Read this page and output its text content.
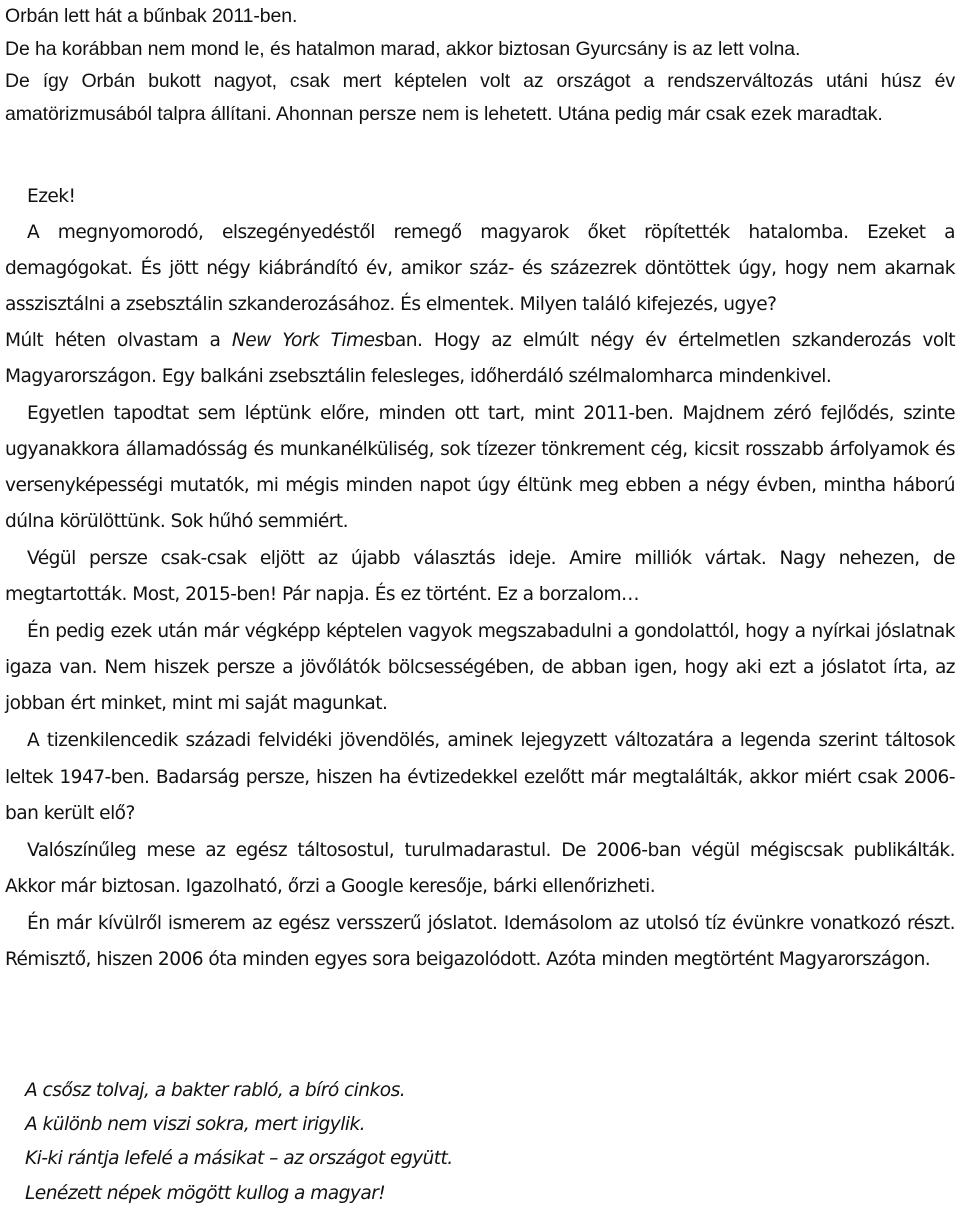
Orbán lett hát a bűnbak 2011-ben.

De ha korábban nem mond le, és hatalmon marad, akkor biztosan Gyurcsány is az lett volna.

De így Orbán bukott nagyot, csak mert képtelen volt az országot a rendszerváltozás utáni húsz év amatörizmusából talpra állítani. Ahonnan persze nem is lehetett. Utána pedig már csak ezek maradtak.

Ezek!

A megnyomorodó, elszegényedéstől remegő magyarok őket röpítették hatalomba. Ezeket a demagógokat. És jött négy kiábrándító év, amikor száz- és százezrek döntöttek úgy, hogy nem akarnak asszisztálni a zsebsztálin szkanderozásához. És elmentek. Milyen találó kifejezés, ugye?

Múlt héten olvastam a New York Timesban. Hogy az elmúlt négy év értelmetlen szkanderozás volt Magyarországon. Egy balkáni zsebsztálin felesleges, időherdáló szélmalomharca mindenkivel.

Egyetlen tapodtat sem léptünk előre, minden ott tart, mint 2011-ben. Majdnem zéró fejlődés, szinte ugyanakkora államadósság és munkanélküliség, sok tízezer tönkrement cég, kicsit rosszabb árfolyamok és versenyképességi mutatók, mi mégis minden napot úgy éltünk meg ebben a négy évben, mintha háború dúlna körülöttünk. Sok hűhó semmiért.

Végül persze csak-csak eljött az újabb választás ideje. Amire milliók vártak. Nagy nehezen, de megtartották. Most, 2015-ben! Pár napja. És ez történt. Ez a borzalom…

Én pedig ezek után már végképp képtelen vagyok megszabadulni a gondolattól, hogy a nyírkai jóslatnak igaza van. Nem hiszek persze a jövőlátók bölcsességében, de abban igen, hogy aki ezt a jóslatot írta, az jobban ért minket, mint mi saját magunkat.

A tizenkilencedik századi felvidéki jövendölés, aminek lejegyzett változatára a legenda szerint táltosok leltek 1947-ben. Badarság persze, hiszen ha évtizedekkel ezelőtt már megtalálták, akkor miért csak 2006-ban került elő?

Valószínűleg mese az egész táltosostul, turulmadarastul. De 2006-ban végül mégiscsak publikálták. Akkor már biztosan. Igazolható, őrzi a Google keresője, bárki ellenőrizheti.

Én már kívülről ismerem az egész versszerű jóslatot. Idemásolom az utolsó tíz évünkre vonatkozó részt. Rémisztő, hiszen 2006 óta minden egyes sora beigazolódott. Azóta minden megtörtént Magyarországon.

A csősz tolvaj, a bakter rabló, a bíró cinkos.
A különb nem viszi sokra, mert irigylik.
Ki-ki rántja lefelé a másikat – az országot együtt.
Lenézett népek mögött kullog a magyar!
